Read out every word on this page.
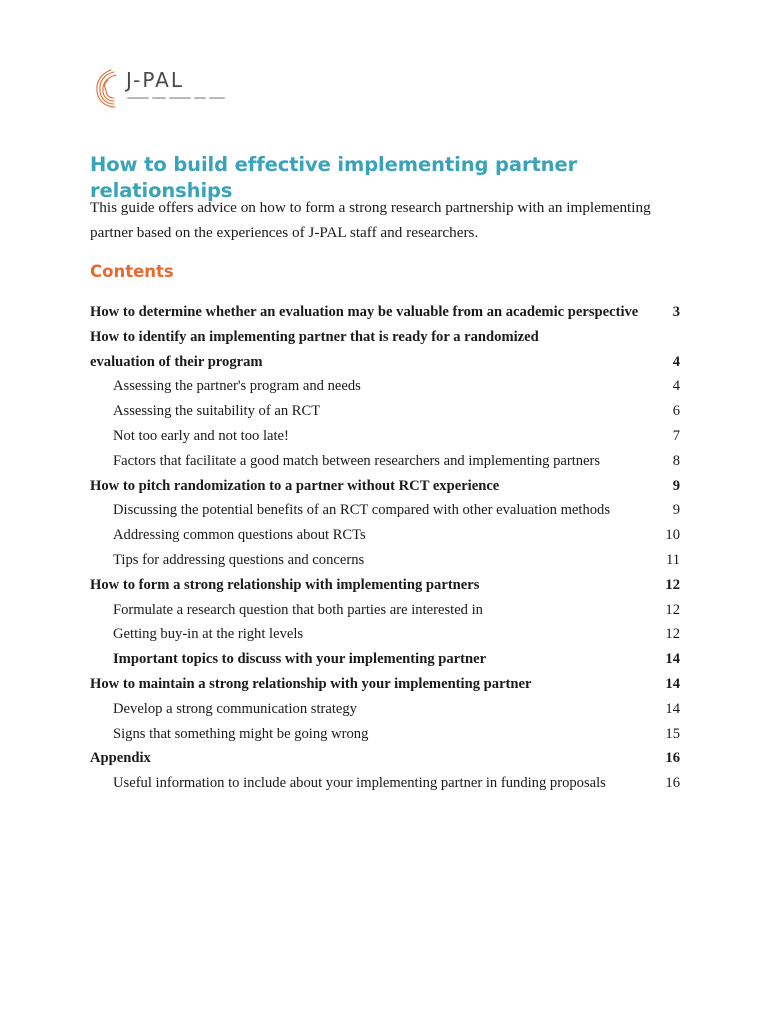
J-PAL
How to build effective implementing partner relationships

This guide offers advice on how to form a strong research partnership with an implementing partner based on the experiences of J-PAL staff and researchers.

Contents
How to determine whether an evaluation may be valuable from an academic perspective	3
How to identify an implementing partner that is ready for a randomized evaluation of their program	4
Assessing the partner's program and needs	4
Assessing the suitability of an RCT	6
Not too early and not too late!	7
Factors that facilitate a good match between researchers and implementing partners	8
How to pitch randomization to a partner without RCT experience	9
Discussing the potential benefits of an RCT compared with other evaluation methods	9
Addressing common questions about RCTs	10
Tips for addressing questions and concerns	11
How to form a strong relationship with implementing partners	12
Formulate a research question that both parties are interested in	12
Getting buy-in at the right levels	12
Important topics to discuss with your implementing partner	14
How to maintain a strong relationship with your implementing partner	14
Develop a strong communication strategy	14
Signs that something might be going wrong	15
Appendix	16
Useful information to include about your implementing partner in funding proposals	16
